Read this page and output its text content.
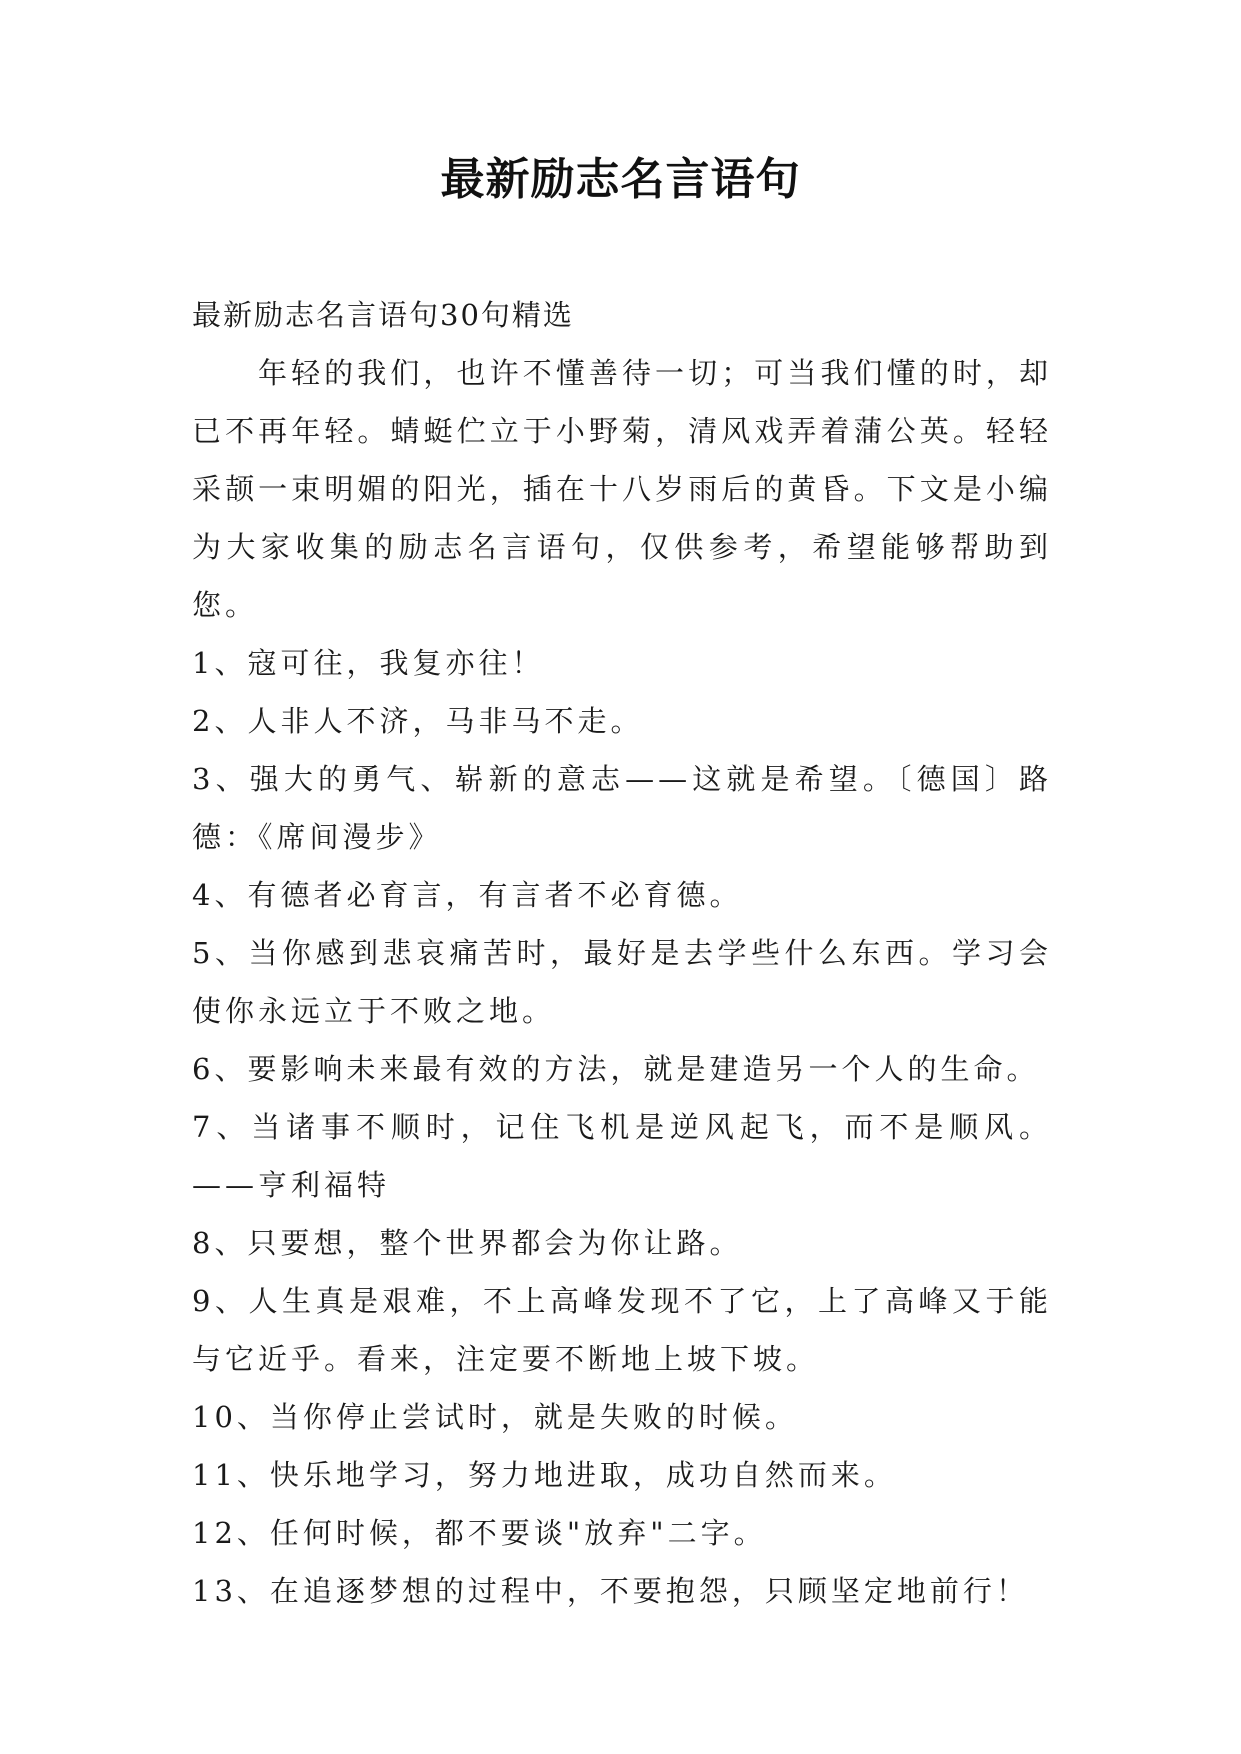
最新励志名言语句

最新励志名言语句30句精选

年轻的我们，也许不懂善待一切；可当我们懂的时，却已不再年轻。蜻蜓伫立于小野菊，清风戏弄着蒲公英。轻轻采颉一束明媚的阳光，插在十八岁雨后的黄昏。下文是小编为大家收集的励志名言语句，仅供参考，希望能够帮助到您。

1、寇可往，我复亦往！

2、人非人不济，马非马不走。

3、强大的勇气、崭新的意志——这就是希望。〔德国〕路德：《席间漫步》

4、有德者必育言，有言者不必育德。

5、当你感到悲哀痛苦时，最好是去学些什么东西。学习会使你永远立于不败之地。

6、要影响未来最有效的方法，就是建造另一个人的生命。

7、当诸事不顺时，记住飞机是逆风起飞，而不是顺风。——亨利福特

8、只要想，整个世界都会为你让路。

9、人生真是艰难，不上高峰发现不了它，上了高峰又于能与它近乎。看来，注定要不断地上坡下坡。

10、当你停止尝试时，就是失败的时候。

11、快乐地学习，努力地进取，成功自然而来。

12、任何时候，都不要谈"放弃"二字。

13、在追逐梦想的过程中，不要抱怨，只顾坚定地前行！
